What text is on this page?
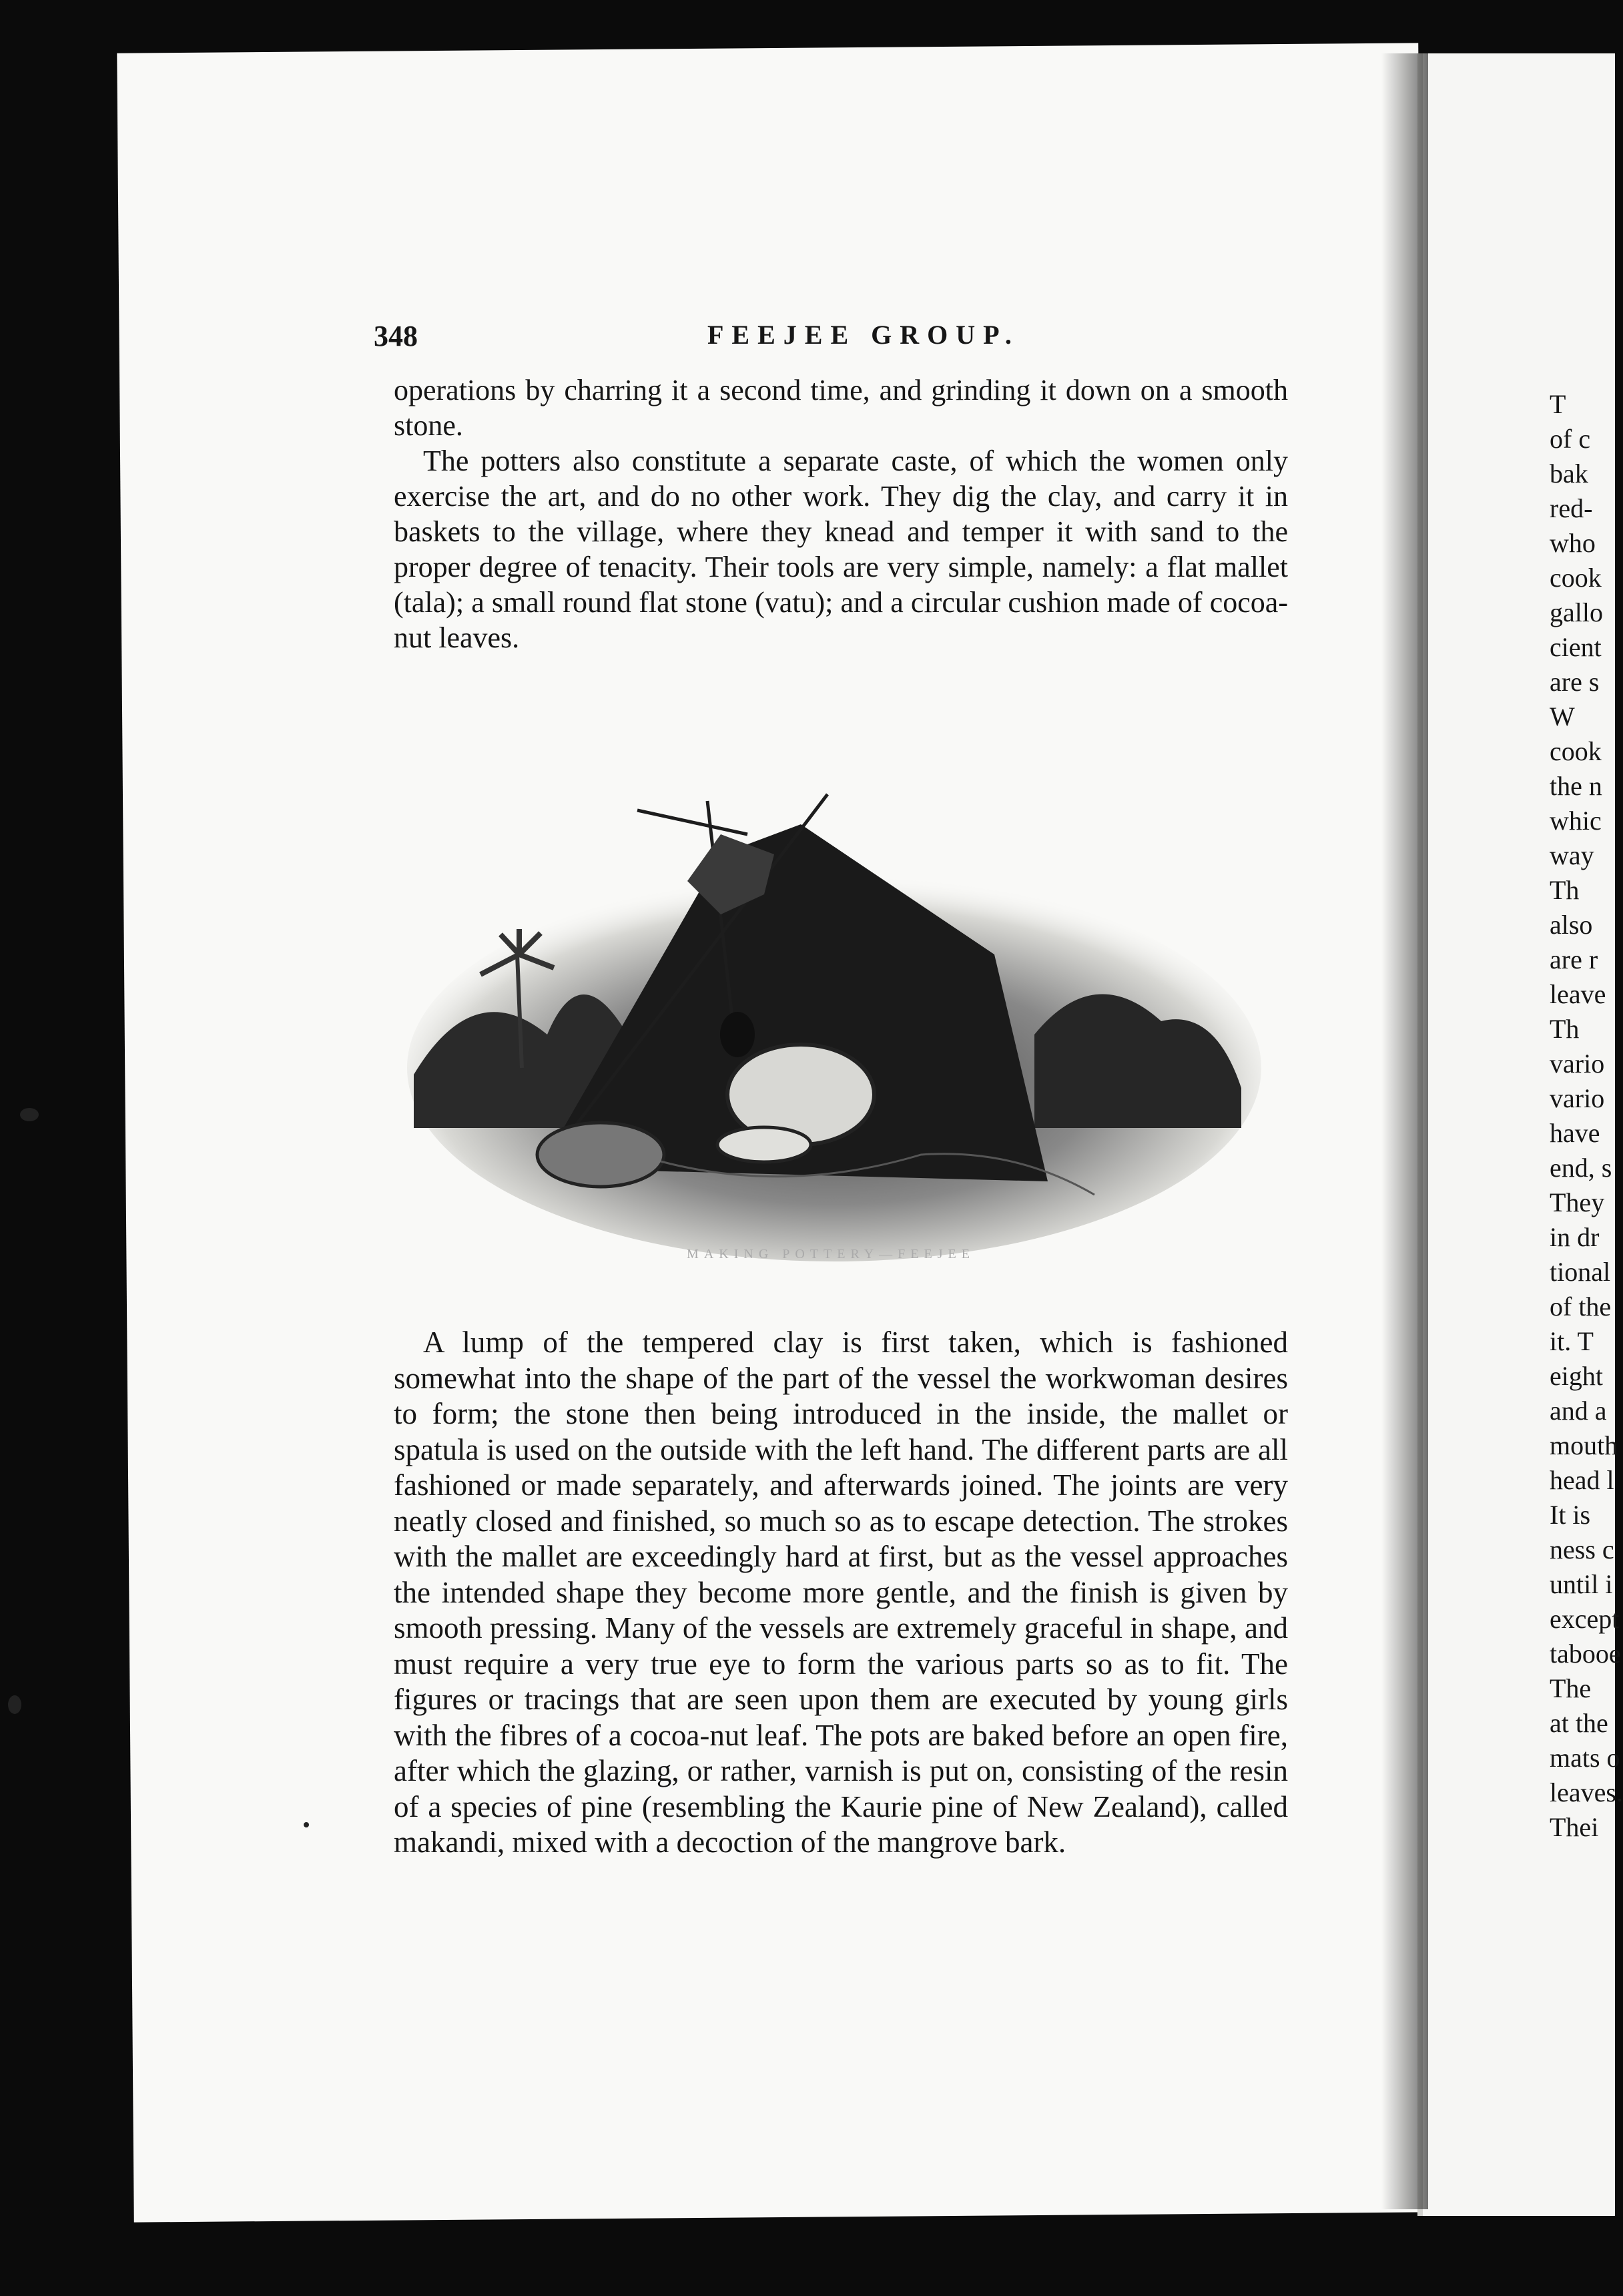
348	FEEJEE GROUP.

operations by charring it a second time, and grinding it down on a smooth stone.

The potters also constitute a separate caste, of which the women only exercise the art, and do no other work. They dig the clay, and carry it in baskets to the village, where they knead and temper it with sand to the proper degree of tenacity. Their tools are very simple, namely: a flat mallet (tala); a small round flat stone (vatu); and a circular cushion made of cocoa-nut leaves.

MAKING POTTERY—FEEJEE

A lump of the tempered clay is first taken, which is fashioned somewhat into the shape of the part of the vessel the workwoman desires to form; the stone then being introduced in the inside, the mallet or spatula is used on the outside with the left hand. The different parts are all fashioned or made separately, and afterwards joined. The joints are very neatly closed and finished, so much so as to escape detection. The strokes with the mallet are exceedingly hard at first, but as the vessel approaches the intended shape they become more gentle, and the finish is given by smooth pressing. Many of the vessels are extremely graceful in shape, and must require a very true eye to form the various parts so as to fit. The figures or tracings that are seen upon them are executed by young girls with the fibres of a cocoa-nut leaf. The pots are baked before an open fire, after which the glazing, or rather, varnish is put on, consisting of the resin of a species of pine (resembling the Kaurie pine of New Zealand), called makandi, mixed with a decoction of the mangrove bark.

T
of c
bak
red-
who
cook
gallo
cient
are s
W
cook
the n
whic
way
Th
also
are r
leave
Th
vario
vario
have
end, s
They
in dr
tional
of the
it. T
eight
and a
mouth
head l
It is
ness c
until i
except
tabooe
The
at the
mats o
leaves.
Thei
